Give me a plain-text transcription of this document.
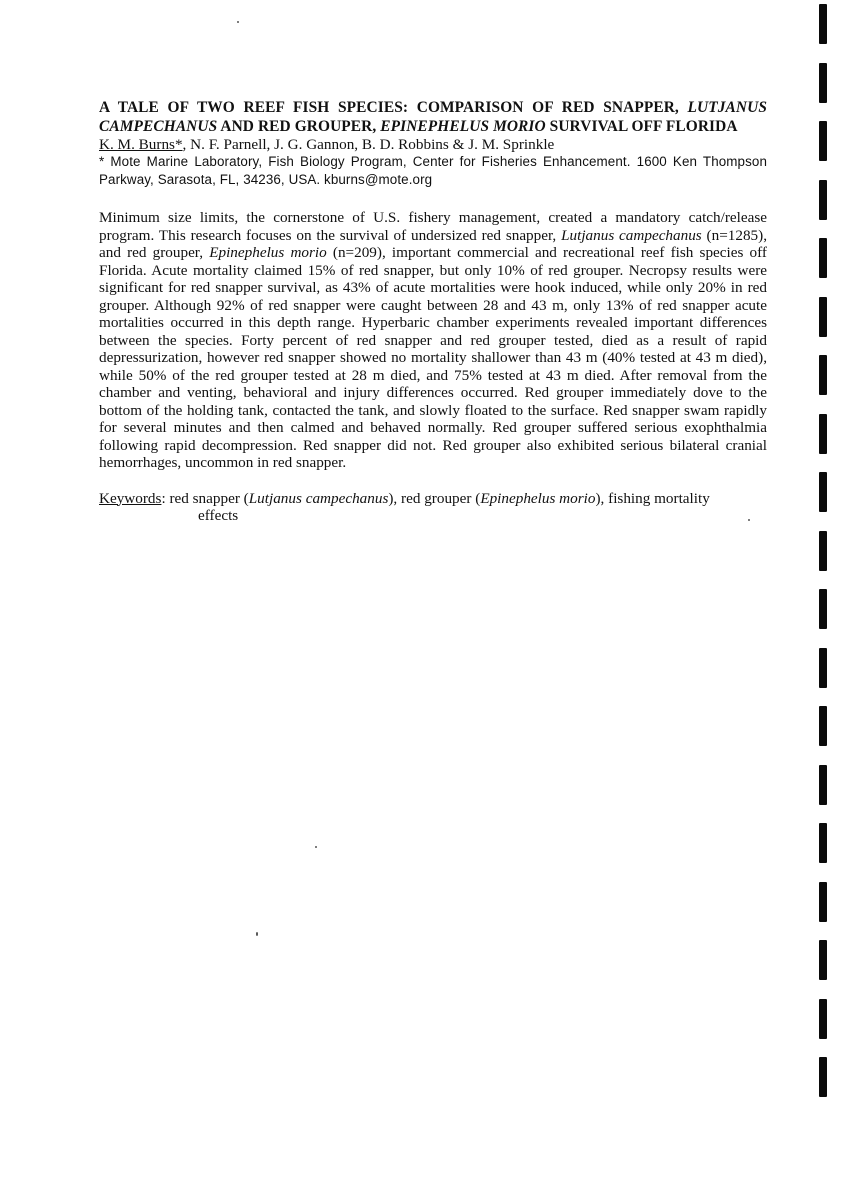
A TALE OF TWO REEF FISH SPECIES: COMPARISON OF RED SNAPPER, LUTJANUS CAMPECHANUS AND RED GROUPER, EPINEPHELUS MORIO SURVIVAL OFF FLORIDA
K. M. Burns*, N. F. Parnell, J. G. Gannon, B. D. Robbins & J. M. Sprinkle
* Mote Marine Laboratory, Fish Biology Program, Center for Fisheries Enhancement. 1600 Ken Thompson Parkway, Sarasota, FL, 34236, USA. kburns@mote.org
Minimum size limits, the cornerstone of U.S. fishery management, created a mandatory catch/release program. This research focuses on the survival of undersized red snapper, Lutjanus campechanus (n=1285), and red grouper, Epinephelus morio (n=209), important commercial and recreational reef fish species off Florida. Acute mortality claimed 15% of red snapper, but only 10% of red grouper. Necropsy results were significant for red snapper survival, as 43% of acute mortalities were hook induced, while only 20% in red grouper. Although 92% of red snapper were caught between 28 and 43 m, only 13% of red snapper acute mortalities occurred in this depth range. Hyperbaric chamber experiments revealed important differences between the species. Forty percent of red snapper and red grouper tested, died as a result of rapid depressurization, however red snapper showed no mortality shallower than 43 m (40% tested at 43 m died), while 50% of the red grouper tested at 28 m died, and 75% tested at 43 m died. After removal from the chamber and venting, behavioral and injury differences occurred. Red grouper immediately dove to the bottom of the holding tank, contacted the tank, and slowly floated to the surface. Red snapper swam rapidly for several minutes and then calmed and behaved normally. Red grouper suffered serious exophthalmia following rapid decompression. Red snapper did not. Red grouper also exhibited serious bilateral cranial hemorrhages, uncommon in red snapper.
Keywords: red snapper (Lutjanus campechanus), red grouper (Epinephelus morio), fishing mortality
effects
